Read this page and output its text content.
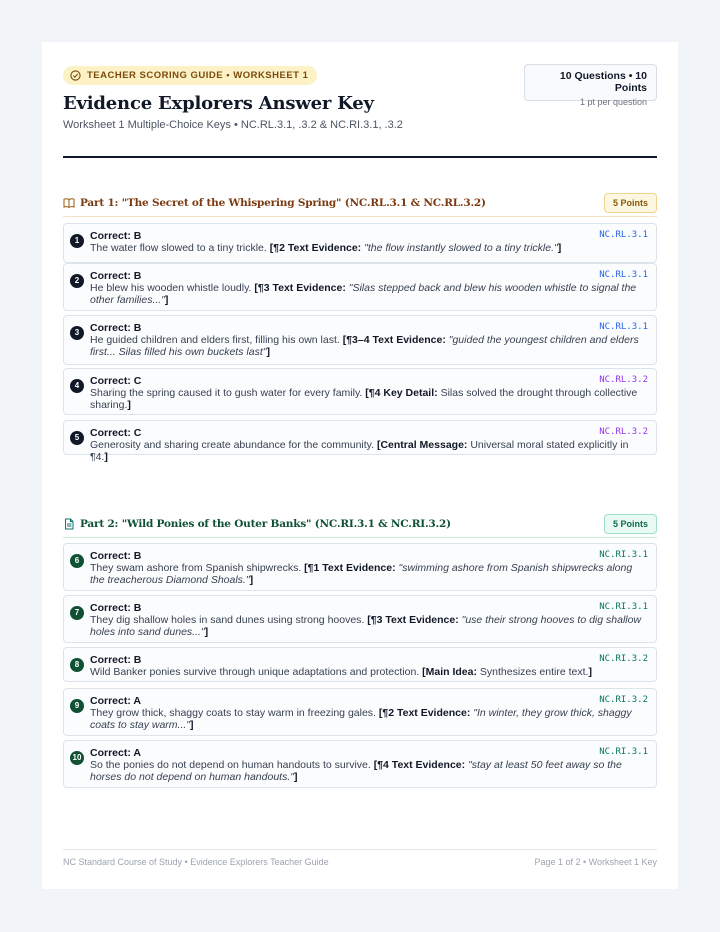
TEACHER SCORING GUIDE • WORKSHEET 1
Evidence Explorers Answer Key
Worksheet 1 Multiple-Choice Keys • NC.RL.3.1, .3.2 & NC.RI.3.1, .3.2
10 Questions • 10 Points
1 pt per question
Part 1: "The Secret of the Whispering Spring" (NC.RL.3.1 & NC.RL.3.2)	5 Points
1	Correct: B	NC.RL.3.1
The water flow slowed to a tiny trickle. [¶2 Text Evidence: "the flow instantly slowed to a tiny trickle."]
2	Correct: B	NC.RL.3.1
He blew his wooden whistle loudly. [¶3 Text Evidence: "Silas stepped back and blew his wooden whistle to signal the other families..."]
3	Correct: B	NC.RL.3.1
He guided children and elders first, filling his own last. [¶3–4 Text Evidence: "guided the youngest children and elders first... Silas filled his own buckets last"]
4	Correct: C	NC.RL.3.2
Sharing the spring caused it to gush water for every family. [¶4 Key Detail: Silas solved the drought through collective sharing.]
5	Correct: C	NC.RL.3.2
Generosity and sharing create abundance for the community. [Central Message: Universal moral stated explicitly in ¶4.]
Part 2: "Wild Ponies of the Outer Banks" (NC.RI.3.1 & NC.RI.3.2)	5 Points
6	Correct: B	NC.RI.3.1
They swam ashore from Spanish shipwrecks. [¶1 Text Evidence: "swimming ashore from Spanish shipwrecks along the treacherous Diamond Shoals."]
7	Correct: B	NC.RI.3.1
They dig shallow holes in sand dunes using strong hooves. [¶3 Text Evidence: "use their strong hooves to dig shallow holes into sand dunes..."]
8	Correct: B	NC.RI.3.2
Wild Banker ponies survive through unique adaptations and protection. [Main Idea: Synthesizes entire text.]
9	Correct: A	NC.RI.3.2
They grow thick, shaggy coats to stay warm in freezing gales. [¶2 Text Evidence: "In winter, they grow thick, shaggy coats to stay warm..."]
10 Correct: A	NC.RI.3.1
So the ponies do not depend on human handouts to survive. [¶4 Text Evidence: "stay at least 50 feet away so the horses do not depend on human handouts."]
NC Standard Course of Study • Evidence Explorers Teacher Guide	Page 1 of 2 • Worksheet 1 Key
